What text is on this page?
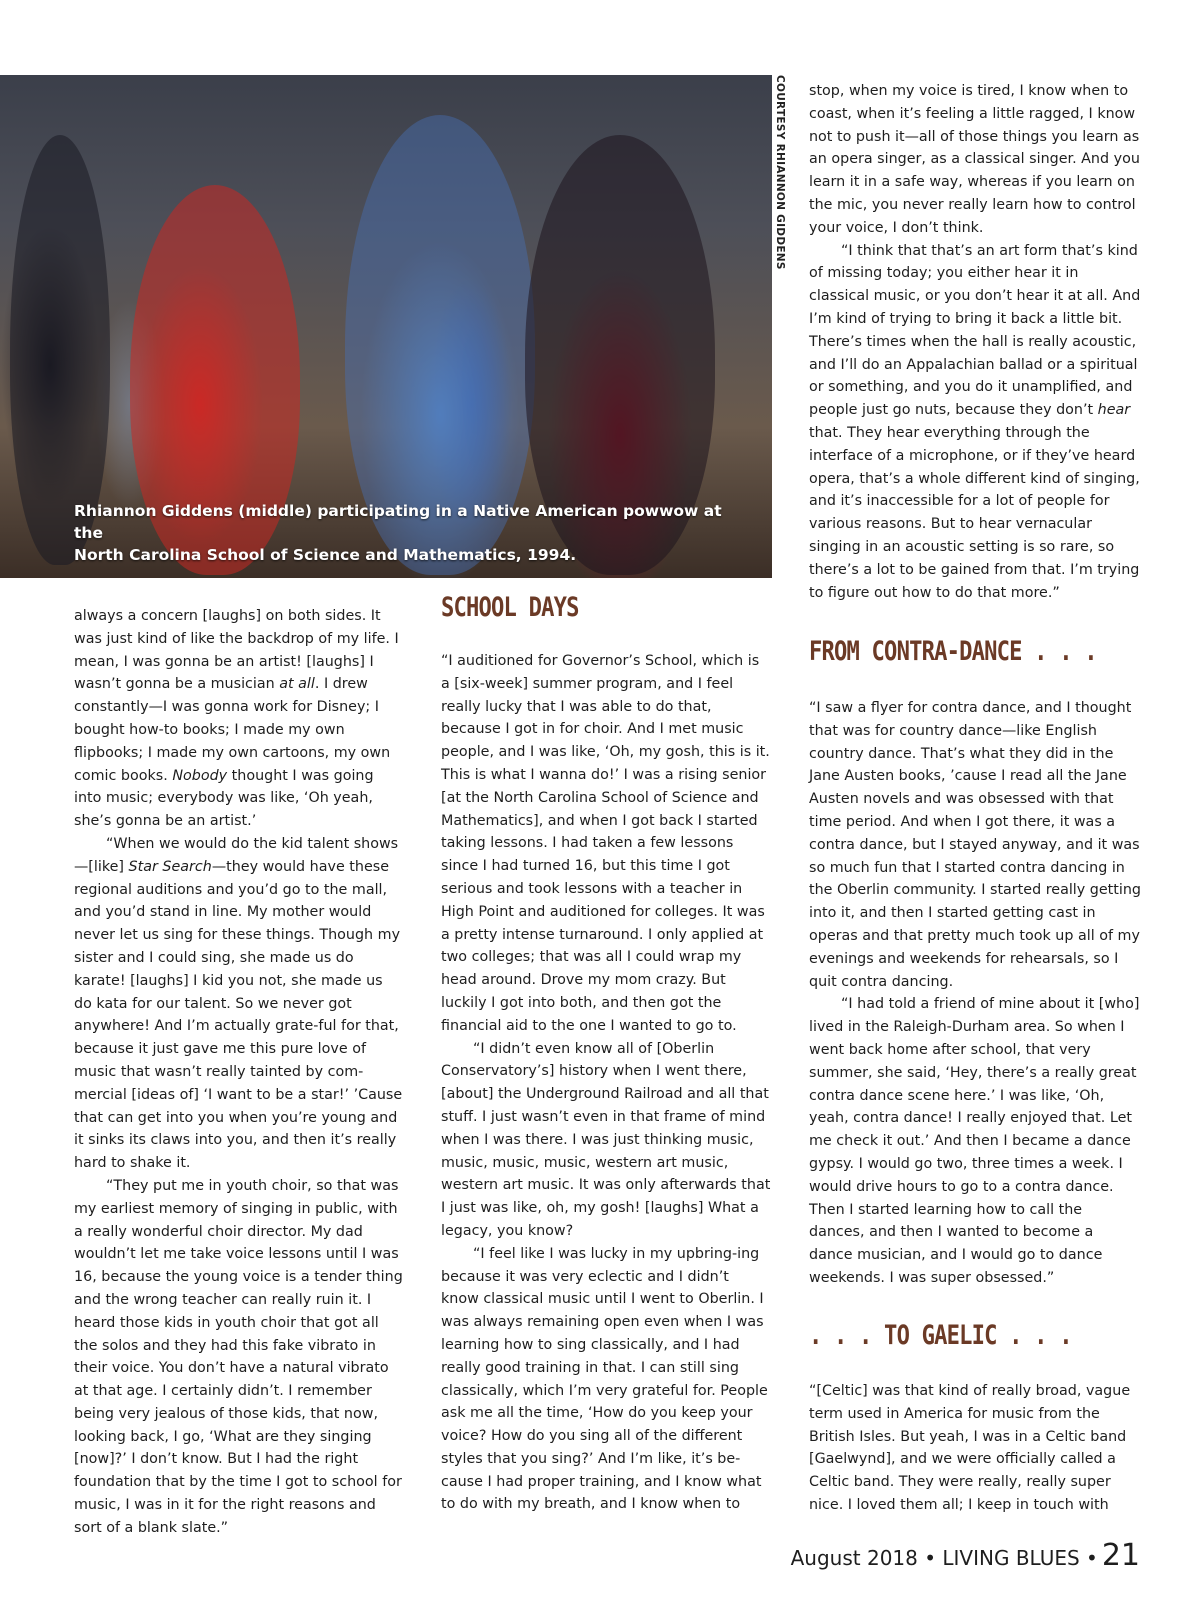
Rhiannon Giddens (middle) participating in a Native American powwow at the
North Carolina School of Science and Mathematics, 1994.
COURTESY RHIANNON GIDDENS

always a concern [laughs] on both sides. It was just kind of like the backdrop of my life. I mean, I was gonna be an artist! [laughs] I wasn’t gonna be a musician at all. I drew constantly—I was gonna work for Disney; I bought how-to books; I made my own flipbooks; I made my own cartoons, my own comic books. Nobody thought I was going into music; everybody was like, ‘Oh yeah, she’s gonna be an artist.’

“When we would do the kid talent shows—[like] Star Search—they would have these regional auditions and you’d go to the mall, and you’d stand in line. My mother would never let us sing for these things. Though my sister and I could sing, she made us do karate! [laughs] I kid you not, she made us do kata for our talent. So we never got anywhere! And I’m actually grate-ful for that, because it just gave me this pure love of music that wasn’t really tainted by com-mercial [ideas of] ‘I want to be a star!’ ’Cause that can get into you when you’re young and it sinks its claws into you, and then it’s really hard to shake it.

“They put me in youth choir, so that was my earliest memory of singing in public, with a really wonderful choir director. My dad wouldn’t let me take voice lessons until I was 16, because the young voice is a tender thing and the wrong teacher can really ruin it. I heard those kids in youth choir that got all the solos and they had this fake vibrato in their voice. You don’t have a natural vibrato at that age. I certainly didn’t. I remember being very jealous of those kids, that now, looking back, I go, ‘What are they singing [now]?’ I don’t know. But I had the right foundation that by the time I got to school for music, I was in it for the right reasons and sort of a blank slate.”

SCHOOL DAYS

“I auditioned for Governor’s School, which is a [six-week] summer program, and I feel really lucky that I was able to do that, because I got in for choir. And I met music people, and I was like, ‘Oh, my gosh, this is it. This is what I wanna do!’ I was a rising senior [at the North Carolina School of Science and Mathematics], and when I got back I started taking lessons. I had taken a few lessons since I had turned 16, but this time I got serious and took lessons with a teacher in High Point and auditioned for colleges. It was a pretty intense turnaround. I only applied at two colleges; that was all I could wrap my head around. Drove my mom crazy. But luckily I got into both, and then got the financial aid to the one I wanted to go to.

“I didn’t even know all of [Oberlin Conservatory’s] history when I went there, [about] the Underground Railroad and all that stuff. I just wasn’t even in that frame of mind when I was there. I was just thinking music, music, music, music, western art music, western art music. It was only afterwards that I just was like, oh, my gosh! [laughs] What a legacy, you know?

“I feel like I was lucky in my upbring-ing because it was very eclectic and I didn’t know classical music until I went to Oberlin. I was always remaining open even when I was learning how to sing classically, and I had really good training in that. I can still sing classically, which I’m very grateful for. People ask me all the time, ‘How do you keep your voice? How do you sing all of the different styles that you sing?’ And I’m like, it’s be-cause I had proper training, and I know what to do with my breath, and I know when to

stop, when my voice is tired, I know when to coast, when it’s feeling a little ragged, I know not to push it—all of those things you learn as an opera singer, as a classical singer. And you learn it in a safe way, whereas if you learn on the mic, you never really learn how to control your voice, I don’t think.

“I think that that’s an art form that’s kind of missing today; you either hear it in classical music, or you don’t hear it at all. And I’m kind of trying to bring it back a little bit. There’s times when the hall is really acoustic, and I’ll do an Appalachian ballad or a spiritual or something, and you do it unamplified, and people just go nuts, because they don’t hear that. They hear everything through the interface of a microphone, or if they’ve heard opera, that’s a whole different kind of singing, and it’s inaccessible for a lot of people for various reasons. But to hear vernacular singing in an acoustic setting is so rare, so there’s a lot to be gained from that. I’m trying to figure out how to do that more.”

FROM CONTRA-DANCE . . .

“I saw a flyer for contra dance, and I thought that was for country dance—like English country dance. That’s what they did in the Jane Austen books, ’cause I read all the Jane Austen novels and was obsessed with that time period. And when I got there, it was a contra dance, but I stayed anyway, and it was so much fun that I started contra dancing in the Oberlin community. I started really getting into it, and then I started getting cast in operas and that pretty much took up all of my evenings and weekends for rehearsals, so I quit contra dancing.

“I had told a friend of mine about it [who] lived in the Raleigh-Durham area. So when I went back home after school, that very summer, she said, ‘Hey, there’s a really great contra dance scene here.’ I was like, ‘Oh, yeah, contra dance! I really enjoyed that. Let me check it out.’ And then I became a dance gypsy. I would go two, three times a week. I would drive hours to go to a contra dance. Then I started learning how to call the dances, and then I wanted to become a dance musician, and I would go to dance weekends. I was super obsessed.”

. . . TO GAELIC . . .

“[Celtic] was that kind of really broad, vague term used in America for music from the British Isles. But yeah, I was in a Celtic band [Gaelwynd], and we were officially called a Celtic band. They were really, really super nice. I loved them all; I keep in touch with

August 2018 • LIVING BLUES • 21
